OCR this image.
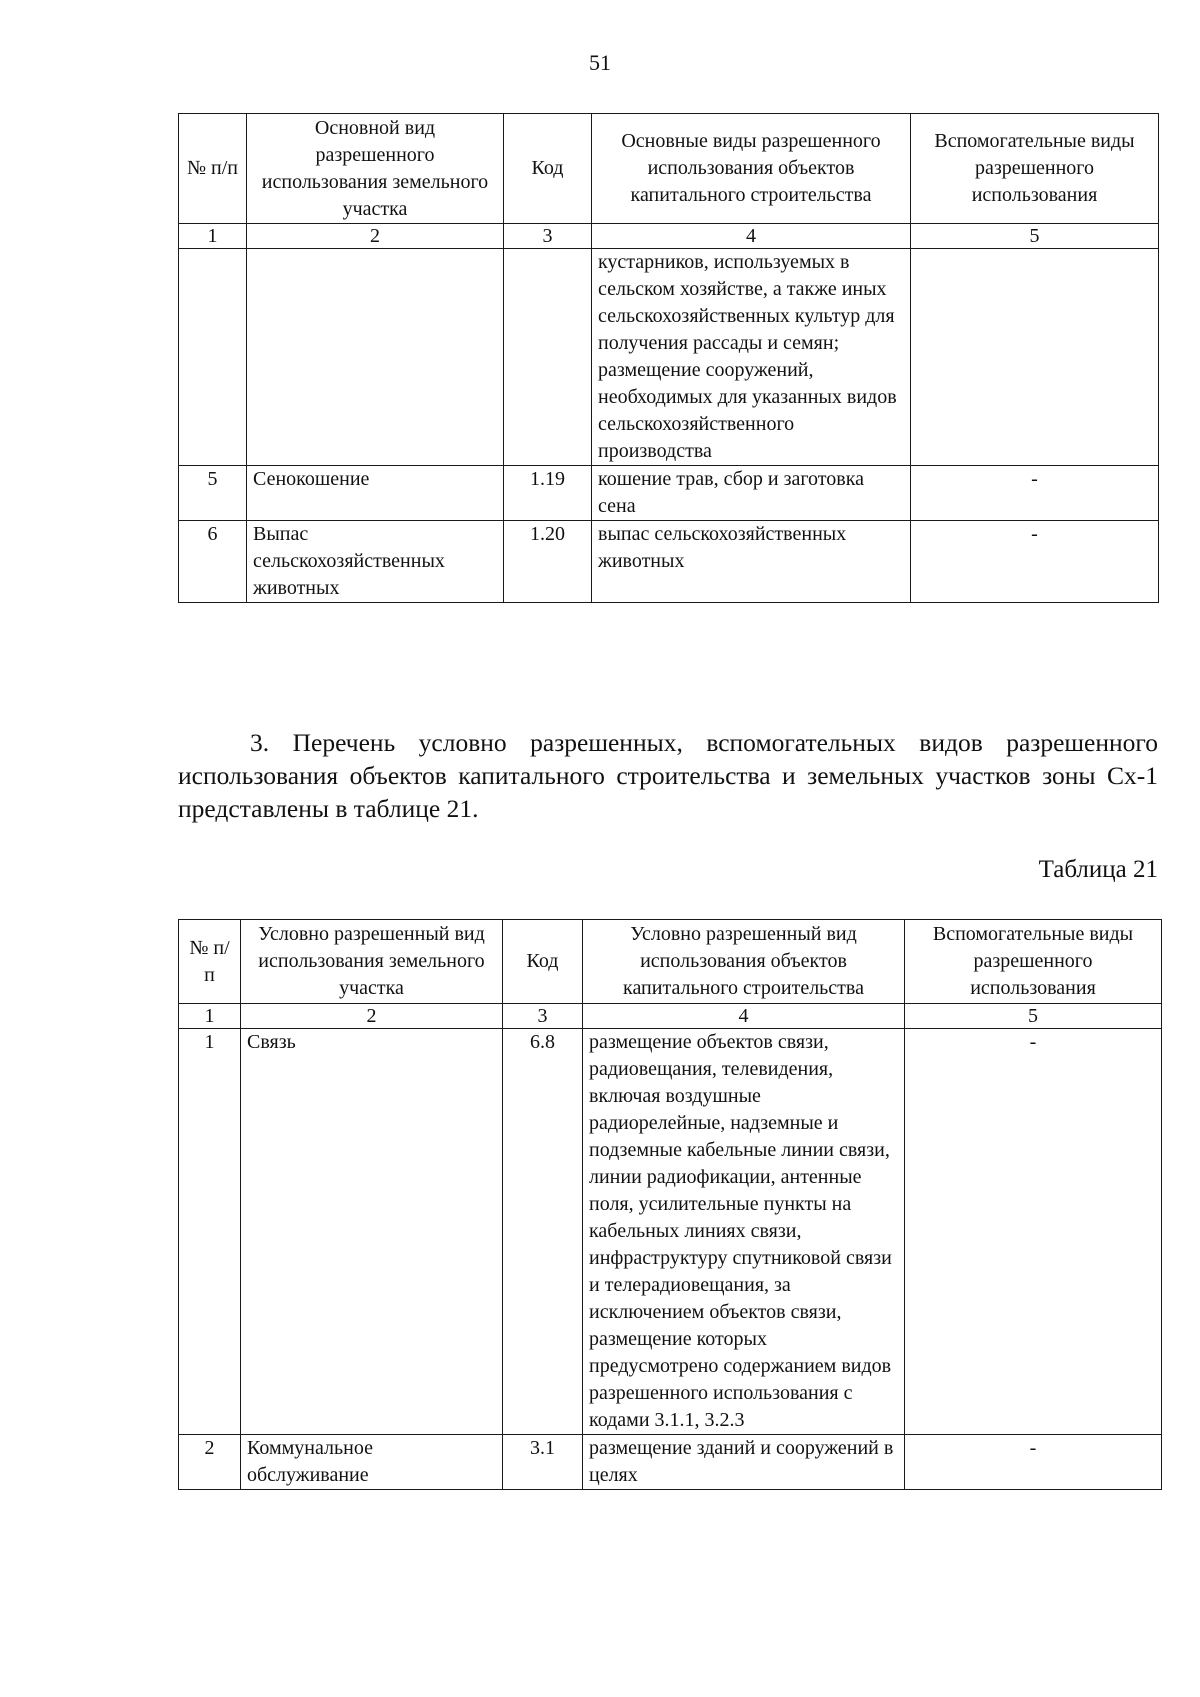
51
№ п/п	Основной вид разрешенного использования земельного участка	Код	Основные виды разрешенного использования объектов капитального строительства	Вспомогательные виды разрешенного использования
1	2	3	4	5
			кустарников, используемых в сельском хозяйстве, а также иных сельскохозяйственных культур для получения рассады и семян; размещение сооружений, необходимых для указанных видов сельскохозяйственного производства	
5	Сенокошение	1.19	кошение трав, сбор и заготовка сена	-
6	Выпас сельскохозяйственных животных	1.20	выпас сельскохозяйственных животных	-
3. Перечень условно разрешенных, вспомогательных видов разрешенного использования объектов капитального строительства и земельных участков зоны Сх-1 представлены в таблице 21.
Таблица 21
№ п/п	Условно разрешенный вид использования земельного участка	Код	Условно разрешенный вид использования объектов капитального строительства	Вспомогательные виды разрешенного использования
1	2	3	4	5
1	Связь	6.8	размещение объектов связи, радиовещания, телевидения, включая воздушные радиорелейные, надземные и подземные кабельные линии связи, линии радиофикации, антенные поля, усилительные пункты на кабельных линиях связи, инфраструктуру спутниковой связи и телерадиовещания, за исключением объектов связи, размещение которых предусмотрено содержанием видов разрешенного использования с кодами 3.1.1, 3.2.3	-
2	Коммунальное обслуживание	3.1	размещение зданий и сооружений в целях	-
